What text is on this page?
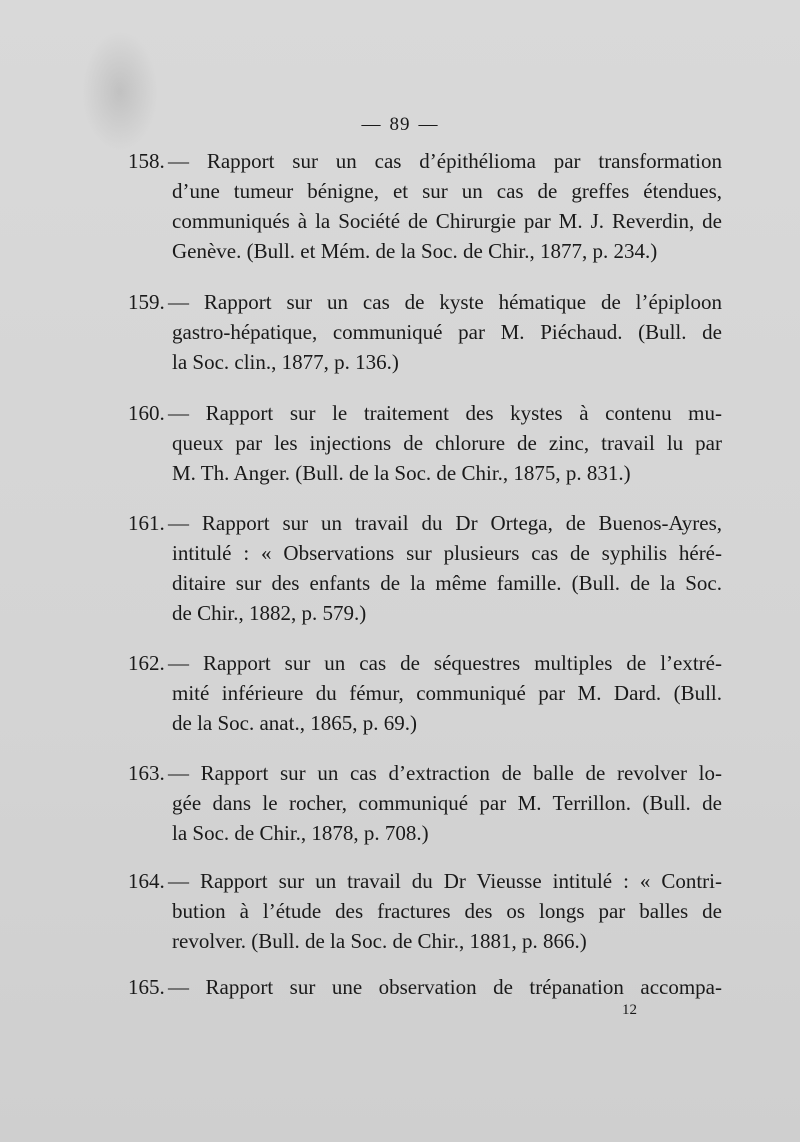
— 89 —
158. — Rapport sur un cas d’épithélioma par transformation
d’une tumeur bénigne, et sur un cas de greffes étendues,
communiqués à la Société de Chirurgie par M. J. Reverdin, de
Genève. (Bull. et Mém. de la Soc. de Chir., 1877, p. 234.)
159. — Rapport sur un cas de kyste hématique de l’épiploon
gastro-hépatique, communiqué par M. Piéchaud. (Bull. de
la Soc. clin., 1877, p. 136.)
160. — Rapport sur le traitement des kystes à contenu mu-
queux par les injections de chlorure de zinc, travail lu par
M. Th. Anger. (Bull. de la Soc. de Chir., 1875, p. 831.)
161. — Rapport sur un travail du Dr Ortega, de Buenos-Ayres,
intitulé : « Observations sur plusieurs cas de syphilis héré-
ditaire sur des enfants de la même famille. (Bull. de la Soc.
de Chir., 1882, p. 579.)
162. — Rapport sur un cas de séquestres multiples de l’extré-
mité inférieure du fémur, communiqué par M. Dard. (Bull.
de la Soc. anat., 1865, p. 69.)
163. — Rapport sur un cas d’extraction de balle de revolver lo-
gée dans le rocher, communiqué par M. Terrillon. (Bull. de
la Soc. de Chir., 1878, p. 708.)
164. — Rapport sur un travail du Dr Vieusse intitulé : « Contri-
bution à l’étude des fractures des os longs par balles de
revolver. (Bull. de la Soc. de Chir., 1881, p. 866.)
165. — Rapport sur une observation de trépanation accompa-
12
